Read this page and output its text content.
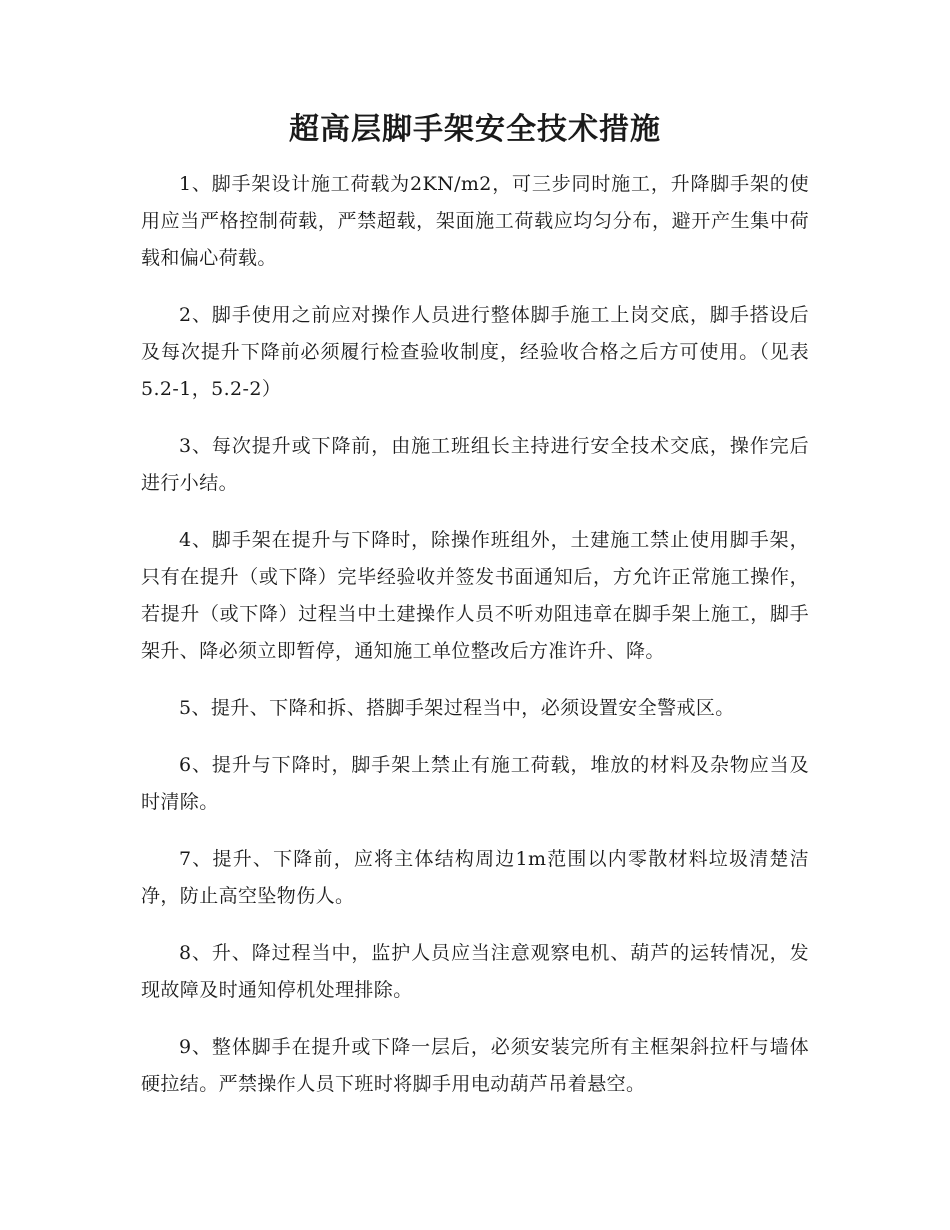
超高层脚手架安全技术措施

1、脚手架设计施工荷载为2KN/m2，可三步同时施工，升降脚手架的使用应当严格控制荷载，严禁超载，架面施工荷载应均匀分布，避开产生集中荷载和偏心荷载。

2、脚手使用之前应对操作人员进行整体脚手施工上岗交底，脚手搭设后及每次提升下降前必须履行检查验收制度，经验收合格之后方可使用。（见表5.2-1，5.2-2）

3、每次提升或下降前，由施工班组长主持进行安全技术交底，操作完后进行小结。

4、脚手架在提升与下降时，除操作班组外，土建施工禁止使用脚手架，只有在提升（或下降）完毕经验收并签发书面通知后，方允许正常施工操作，若提升（或下降）过程当中土建操作人员不听劝阻违章在脚手架上施工，脚手架升、降必须立即暂停，通知施工单位整改后方准许升、降。

5、提升、下降和拆、搭脚手架过程当中，必须设置安全警戒区。

6、提升与下降时，脚手架上禁止有施工荷载，堆放的材料及杂物应当及时清除。

7、提升、下降前，应将主体结构周边1m范围以内零散材料垃圾清楚洁净，防止高空坠物伤人。

8、升、降过程当中，监护人员应当注意观察电机、葫芦的运转情况，发现故障及时通知停机处理排除。

9、整体脚手在提升或下降一层后，必须安装完所有主框架斜拉杆与墙体硬拉结。严禁操作人员下班时将脚手用电动葫芦吊着悬空。
